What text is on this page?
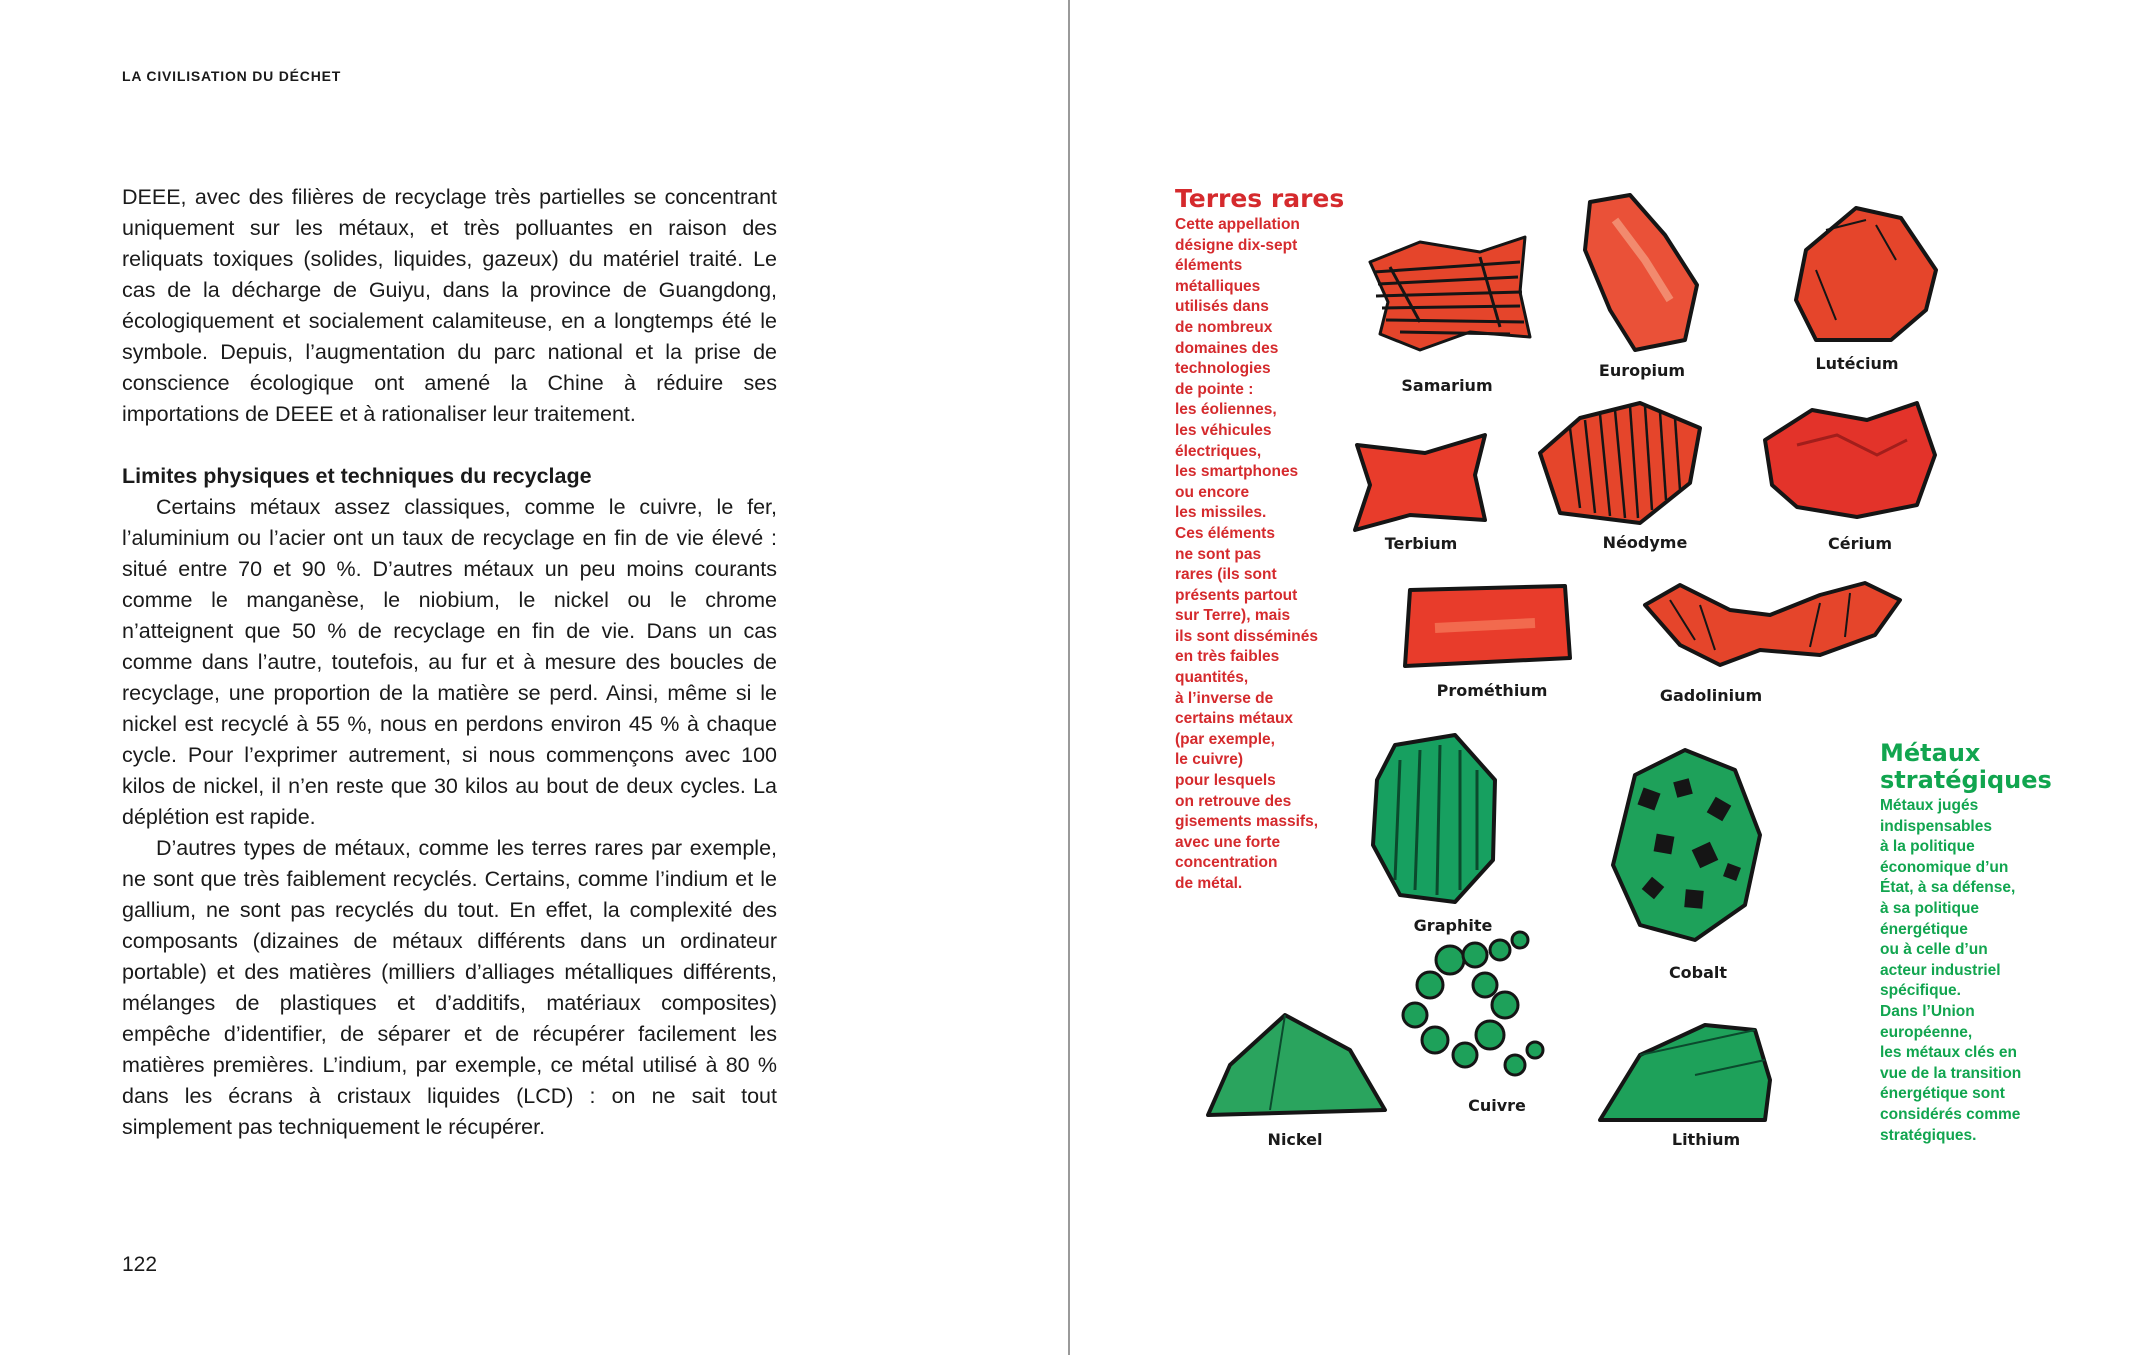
LA CIVILISATION DU DÉCHET

DEEE, avec des filières de recyclage très partielles se concentrant uniquement sur les métaux, et très polluantes en raison des reliquats toxiques (solides, liquides, gazeux) du matériel traité. Le cas de la décharge de Guiyu, dans la province de Guangdong, écologiquement et socialement calamiteuse, en a longtemps été le symbole. Depuis, l’augmentation du parc national et la prise de conscience écologique ont amené la Chine à réduire ses importations de DEEE et à rationaliser leur traitement.

Limites physiques et techniques du recyclage

Certains métaux assez classiques, comme le cuivre, le fer, l’aluminium ou l’acier ont un taux de recyclage en fin de vie élevé : situé entre 70 et 90 %. D’autres métaux un peu moins courants comme le manganèse, le niobium, le nickel ou le chrome n’atteignent que 50 % de recyclage en fin de vie. Dans un cas comme dans l’autre, toutefois, au fur et à mesure des boucles de recyclage, une proportion de la matière se perd. Ainsi, même si le nickel est recyclé à 55 %, nous en perdons environ 45 % à chaque cycle. Pour l’exprimer autrement, si nous commençons avec 100 kilos de nickel, il n’en reste que 30 kilos au bout de deux cycles. La déplétion est rapide.

D’autres types de métaux, comme les terres rares par exemple, ne sont que très faiblement recyclés. Certains, comme l’indium et le gallium, ne sont pas recyclés du tout. En effet, la complexité des composants (dizaines de métaux différents dans un ordinateur portable) et des matières (milliers d’alliages métalliques différents, mélanges de plastiques et d’additifs, matériaux composites) empêche d’identifier, de séparer et de récupérer facilement les matières premières. L’indium, par exemple, ce métal utilisé à 80 % dans les écrans à cristaux liquides (LCD) : on ne sait tout simplement pas techniquement le récupérer.

122
Terres rares
Cette appellation
désigne dix-sept
éléments
métalliques
utilisés dans
de nombreux
domaines des
technologies
de pointe :
les éoliennes,
les véhicules
électriques,
les smartphones
ou encore
les missiles.
Ces éléments
ne sont pas
rares (ils sont
présents partout
sur Terre), mais
ils sont disséminés
en très faibles
quantités,
à l’inverse de
certains métaux
(par exemple,
le cuivre)
pour lesquels
on retrouve des
gisements massifs,
avec une forte
concentration
de métal.
Métaux
stratégiques
Métaux jugés
indispensables
à la politique
économique d’un
État, à sa défense,
à sa politique
énergétique
ou à celle d’un
acteur industriel
spécifique.
Dans l’Union
européenne,
les métaux clés en
vue de la transition
énergétique sont
considérés comme
stratégiques.
Samarium
Europium	Lutécium
Terbium	Néodyme	Cérium
Prométhium	Gadolinium
Graphite
Cobalt
Cuivre
Nickel	Lithium
